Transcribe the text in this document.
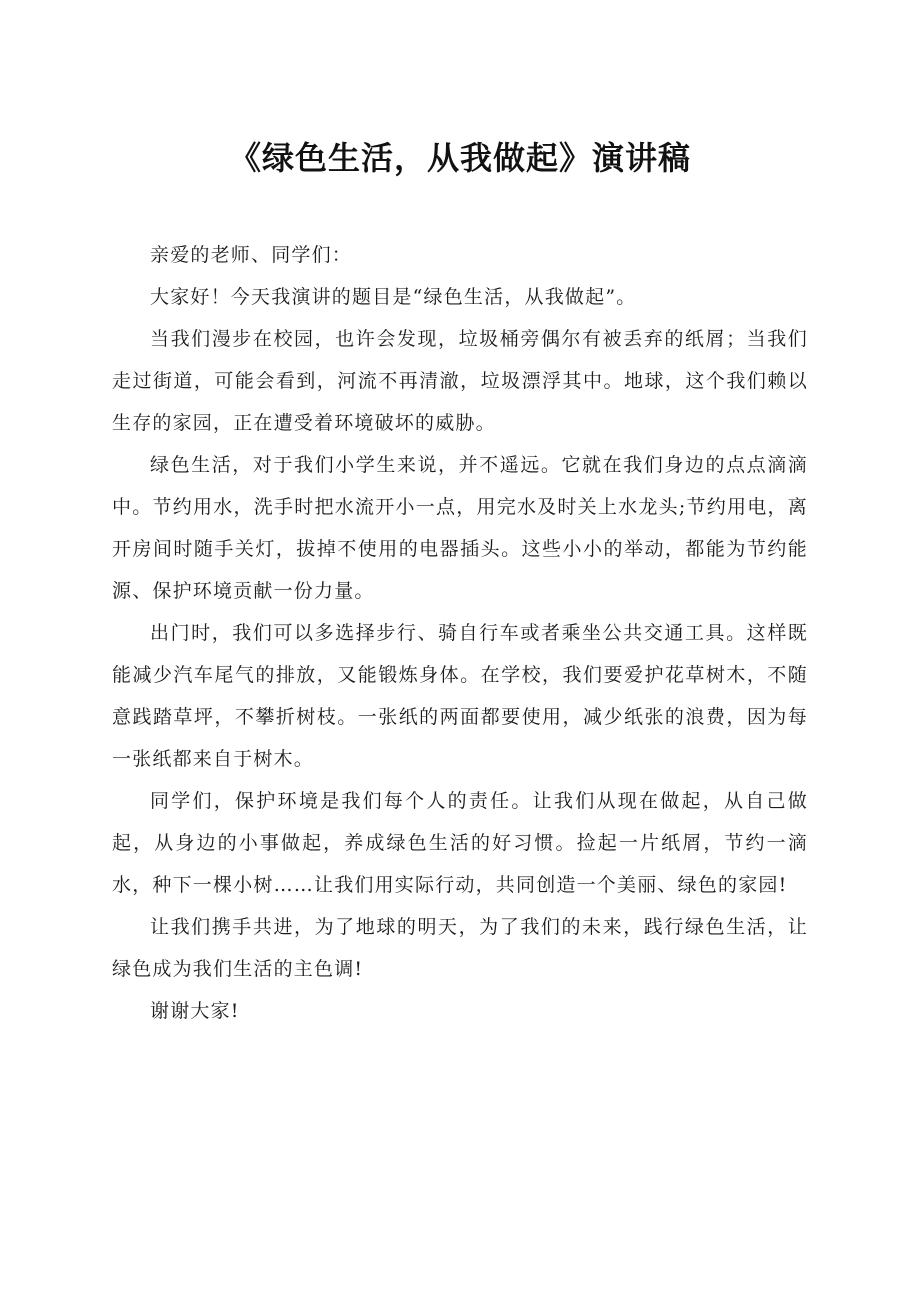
《绿色生活，从我做起》演讲稿

亲爱的老师、同学们：

大家好！今天我演讲的题目是“绿色生活，从我做起”。

当我们漫步在校园，也许会发现，垃圾桶旁偶尔有被丢弃的纸屑；当我们走过街道，可能会看到，河流不再清澈，垃圾漂浮其中。地球，这个我们赖以生存的家园，正在遭受着环境破坏的威胁。

绿色生活，对于我们小学生来说，并不遥远。它就在我们身边的点点滴滴中。节约用水，洗手时把水流开小一点，用完水及时关上水龙头;节约用电，离开房间时随手关灯，拔掉不使用的电器插头。这些小小的举动，都能为节约能源、保护环境贡献一份力量。

出门时，我们可以多选择步行、骑自行车或者乘坐公共交通工具。这样既能减少汽车尾气的排放，又能锻炼身体。在学校，我们要爱护花草树木，不随意践踏草坪，不攀折树枝。一张纸的两面都要使用，减少纸张的浪费，因为每一张纸都来自于树木。

同学们，保护环境是我们每个人的责任。让我们从现在做起，从自己做起，从身边的小事做起，养成绿色生活的好习惯。捡起一片纸屑，节约一滴水，种下一棵小树……让我们用实际行动，共同创造一个美丽、绿色的家园!

让我们携手共进，为了地球的明天，为了我们的未来，践行绿色生活，让绿色成为我们生活的主色调!

谢谢大家!
